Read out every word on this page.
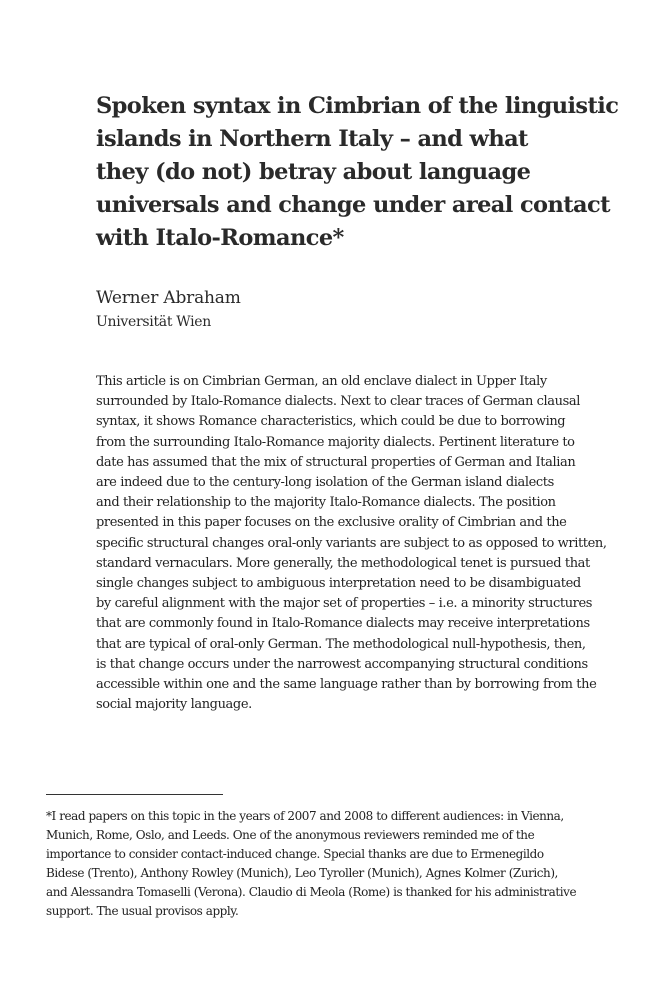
Spoken syntax in Cimbrian of the linguistic
islands in Northern Italy – and what
they (do not) betray about language
universals and change under areal contact
with Italo-Romance*
Werner Abraham
Universität Wien
This article is on Cimbrian German, an old enclave dialect in Upper Italy
surrounded by Italo-Romance dialects. Next to clear traces of German clausal
syntax, it shows Romance characteristics, which could be due to borrowing
from the surrounding Italo-Romance majority dialects. Pertinent literature to
date has assumed that the mix of structural properties of German and Italian
are indeed due to the century-long isolation of the German island dialects
and their relationship to the majority Italo-Romance dialects. The position
presented in this paper focuses on the exclusive orality of Cimbrian and the
specific structural changes oral-only variants are subject to as opposed to written,
standard vernaculars. More generally, the methodological tenet is pursued that
single changes subject to ambiguous interpretation need to be disambiguated
by careful alignment with the major set of properties – i.e. a minority structures
that are commonly found in Italo-Romance dialects may receive interpretations
that are typical of oral-only German. The methodological null-hypothesis, then,
is that change occurs under the narrowest accompanying structural conditions
accessible within one and the same language rather than by borrowing from the
social majority language.
*I read papers on this topic in the years of 2007 and 2008 to different audiences: in Vienna,
Munich, Rome, Oslo, and Leeds. One of the anonymous reviewers reminded me of the
importance to consider contact-induced change. Special thanks are due to Ermenegildo
Bidese (Trento), Anthony Rowley (Munich), Leo Tyroller (Munich), Agnes Kolmer (Zurich),
and Alessandra Tomaselli (Verona). Claudio di Meola (Rome) is thanked for his administrative
support. The usual provisos apply.
